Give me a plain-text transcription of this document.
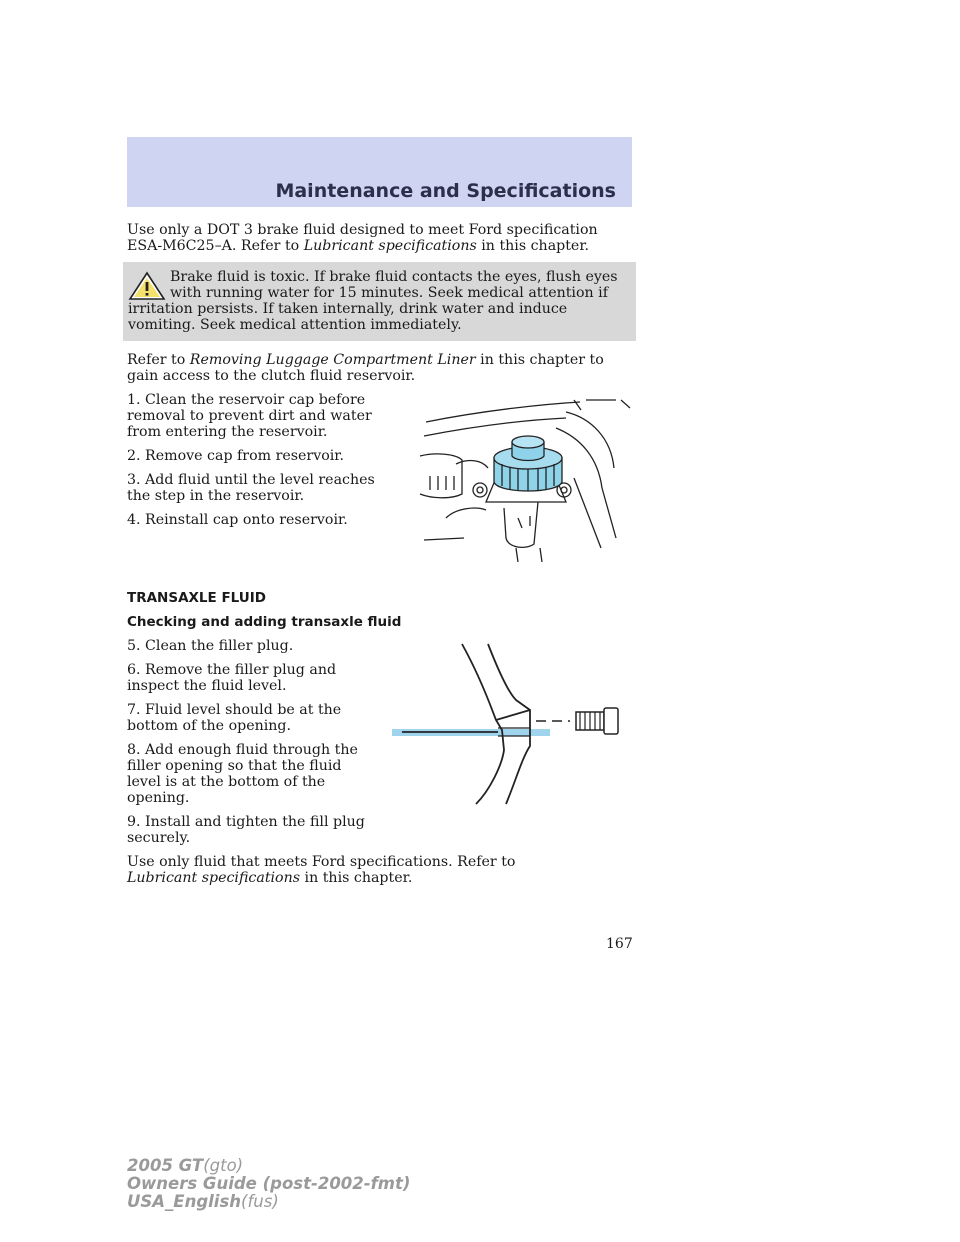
Maintenance and Specifications

Use only a DOT 3 brake fluid designed to meet Ford specification ESA-M6C25–A. Refer to Lubricant specifications in this chapter.

Brake fluid is toxic. If brake fluid contacts the eyes, flush eyes with running water for 15 minutes. Seek medical attention if irritation persists. If taken internally, drink water and induce vomiting. Seek medical attention immediately.

Refer to Removing Luggage Compartment Liner in this chapter to gain access to the clutch fluid reservoir.

1. Clean the reservoir cap before removal to prevent dirt and water from entering the reservoir.

2. Remove cap from reservoir.

3. Add fluid until the level reaches the step in the reservoir.

4. Reinstall cap onto reservoir.

TRANSAXLE FLUID
Checking and adding transaxle fluid

5. Clean the filler plug.

6. Remove the filler plug and inspect the fluid level.

7. Fluid level should be at the bottom of the opening.

8. Add enough fluid through the filler opening so that the fluid level is at the bottom of the opening.

9. Install and tighten the fill plug securely.

Use only fluid that meets Ford specifications. Refer to Lubricant specifications in this chapter.

167
2005 GT(gto)
Owners Guide (post-2002-fmt)
USA_English(fus)
